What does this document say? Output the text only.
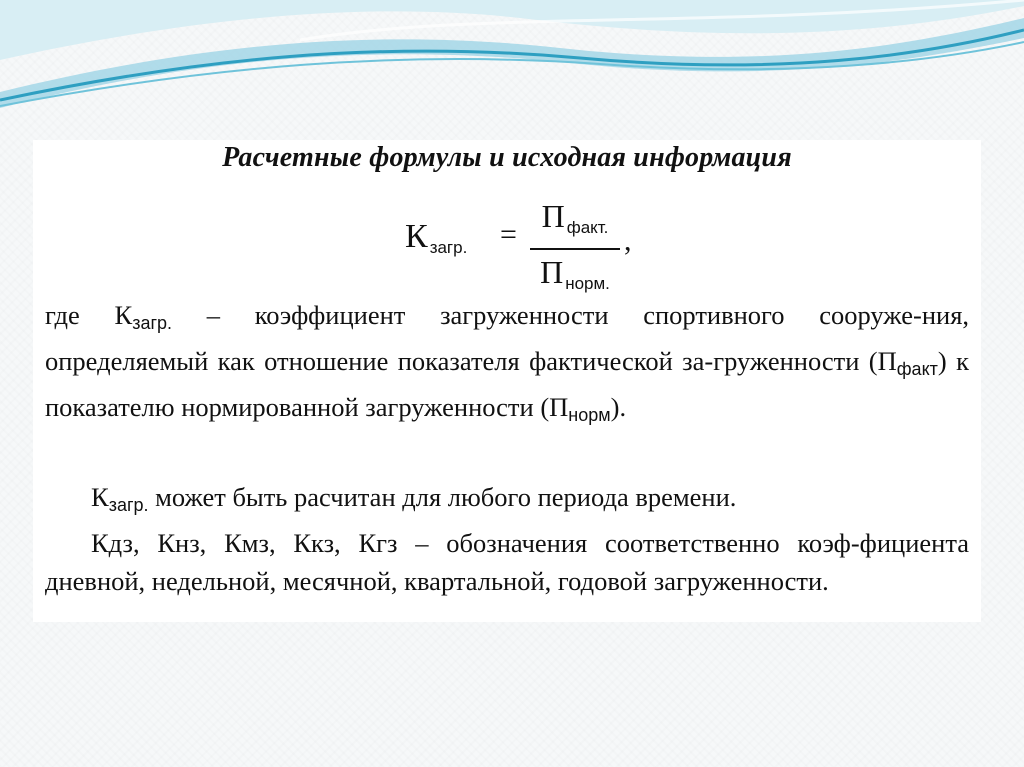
Расчетные формулы и исходная информация
Кзагр. =
Пфакт.
Пнорм.
,
где Кзагр. – коэффициент загруженности спортивного сооруже-ния, определяемый как отношение показателя фактической за-груженности (Пфакт) к показателю нормированной загруженности (Пнорм).
Кзагр. может быть расчитан для любого периода времени.
Кдз, Кнз, Кмз, Ккз, Кгз – обозначения соответственно коэф-фициента дневной, недельной, месячной, квартальной, годовой загруженности.
